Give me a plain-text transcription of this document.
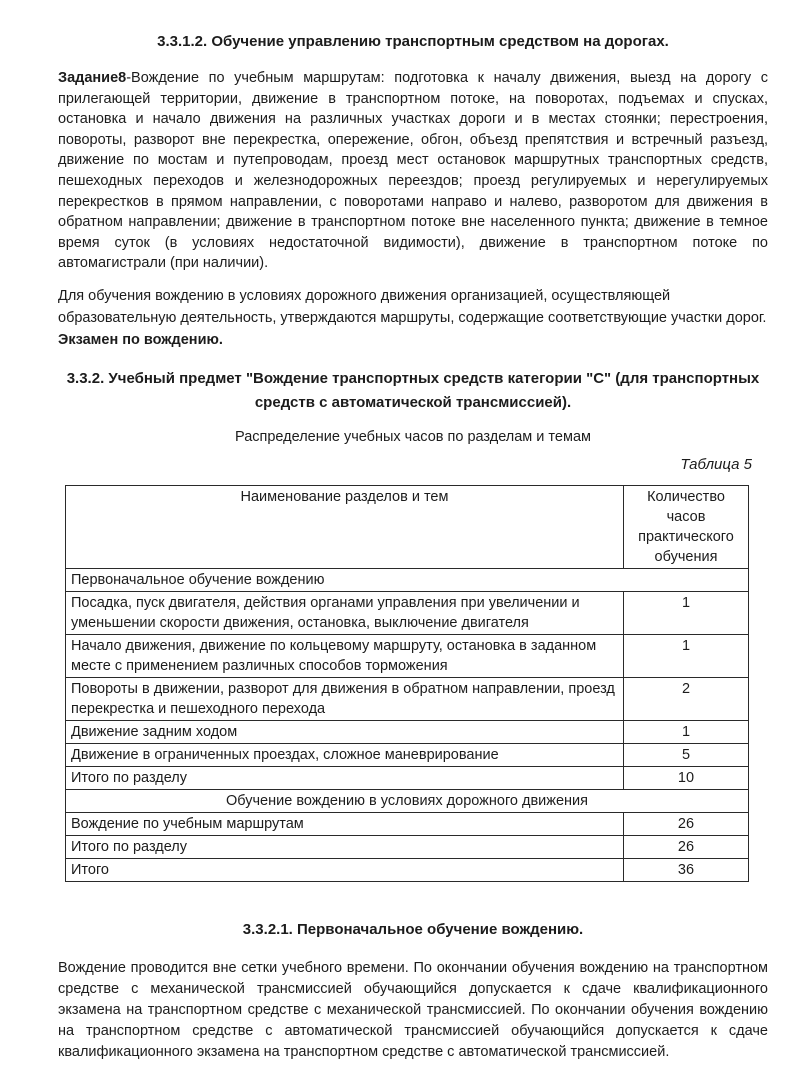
3.3.1.2. Обучение управлению транспортным средством на дорогах.

Задание8-Вождение по учебным маршрутам: подготовка к началу движения, выезд на дорогу с прилегающей территории, движение в транспортном потоке, на поворотах, подъемах и спусках, остановка и начало движения на различных участках дороги и в местах стоянки; перестроения, повороты, разворот вне перекрестка, опережение, обгон, объезд препятствия и встречный разъезд, движение по мостам и путепроводам, проезд мест остановок маршрутных транспортных средств, пешеходных переходов и железнодорожных переездов; проезд регулируемых и нерегулируемых перекрестков в прямом направлении, с поворотами направо и налево, разворотом для движения в обратном направлении; движение в транспортном потоке вне населенного пункта; движение в темное время суток (в условиях недостаточной видимости), движение в транспортном потоке по автомагистрали (при наличии).

Для обучения вождению в условиях дорожного движения организацией, осуществляющей образовательную деятельность, утверждаются маршруты, содержащие соответствующие участки дорог.

Экзамен по вождению.

3.3.2. Учебный предмет "Вождение транспортных средств категории "С" (для транспортных средств с автоматической трансмиссией).

Распределение учебных часов по разделам и темам

Таблица 5
Наименование разделов и тем	Количество часов практического обучения
Первоначальное обучение вождению	
Посадка, пуск двигателя, действия органами управления при увеличении и уменьшении скорости движения, остановка, выключение двигателя	1
Начало движения, движение по кольцевому маршруту, остановка в заданном месте с применением различных способов торможения	1
Повороты в движении, разворот для движения в обратном направлении, проезд перекрестка и пешеходного перехода	2
Движение задним ходом	1
Движение в ограниченных проездах, сложное маневрирование	5
Итого по разделу	10
Обучение вождению в условиях дорожного движения	
Вождение по учебным маршрутам	26
Итого по разделу	26
Итого	36
3.3.2.1. Первоначальное обучение вождению.

Вождение проводится вне сетки учебного времени. По окончании обучения вождению на транспортном средстве с механической трансмиссией обучающийся допускается к сдаче квалификационного экзамена на транспортном средстве с механической трансмиссией. По окончании обучения вождению на транспортном средстве с автоматической трансмиссией обучающийся допускается к сдаче квалификационного экзамена на транспортном средстве с автоматической трансмиссией.
